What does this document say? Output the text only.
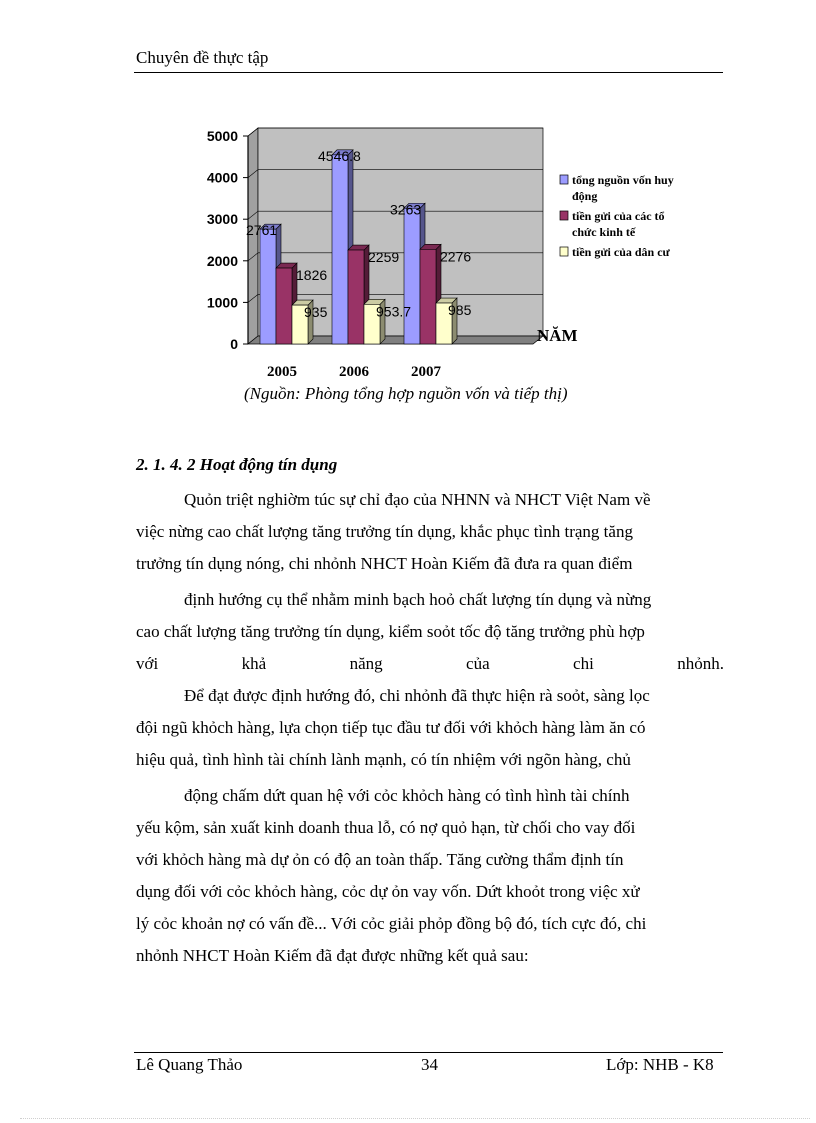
Chuyên đề thực tập
0
1000
2000
3000
4000
5000
2761
1826
935
4546.8
2259
953.7
3263
2276
985
2005	2006	2007
tổng nguồn vốn huy
động
tiền gửi của các tổ
chức kinh tế
tiền gửi của dân cư
NĂM
(Nguồn: Phòng tổng hợp nguồn vốn và tiếp thị)
2. 1. 4. 2 Hoạt động tín dụng
Quỏn triệt nghiờm túc sự chỉ đạo của NHNN và NHCT Việt Nam về
việc nừng cao chất lượng tăng trưởng tín dụng, khắc phục tình trạng tăng
trưởng tín dụng nóng, chi nhỏnh NHCT Hoàn Kiếm đã đưa ra quan điểm
định hướng cụ thể nhằm minh bạch hoỏ chất lượng tín dụng và nừng
cao chất lượng tăng trưởng tín dụng, kiểm soỏt tốc độ tăng trưởng phù hợp
với	khả	năng	của	chi	nhỏnh.
Để đạt được định hướng đó, chi nhỏnh đã thực hiện rà soỏt, sàng lọc
đội ngũ khỏch hàng, lựa chọn tiếp tục đầu tư đối với khỏch hàng làm ăn có
hiệu quả, tình hình tài chính lành mạnh, có tín nhiệm với ngõn hàng, chủ
động chấm dứt quan hệ với cỏc khỏch hàng có tình hình tài chính
yếu kộm, sản xuất kinh doanh thua lỗ, có nợ quỏ hạn, từ chối cho vay đối
với khỏch hàng mà dự ỏn có độ an toàn thấp. Tăng cường thẩm định tín
dụng đối với cỏc khỏch hàng, cỏc dự ỏn vay vốn. Dứt khoỏt trong việc xử
lý cỏc khoản nợ có vấn đề... Với cỏc giải phỏp đồng bộ đó, tích cực đó, chi
nhỏnh NHCT Hoàn Kiếm đã đạt được những kết quả sau:
Lê Quang Thảo	34	Lớp: NHB - K8
